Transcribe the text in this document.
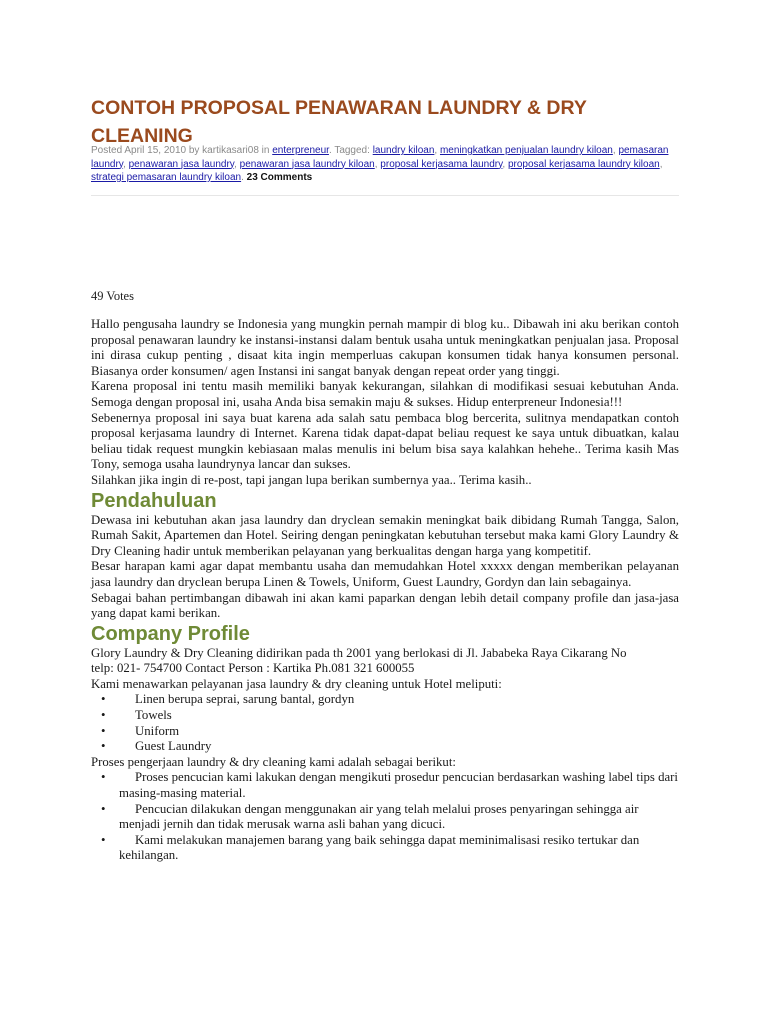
CONTOH PROPOSAL PENAWARAN LAUNDRY & DRY CLEANING
Posted April 15, 2010 by kartikasari08 in enterpreneur. Tagged: laundry kiloan, meningkatkan penjualan laundry kiloan, pemasaran laundry, penawaran jasa laundry, penawaran jasa laundry kiloan, proposal kerjasama laundry, proposal kerjasama laundry kiloan, strategi pemasaran laundry kiloan. 23 Comments
49 Votes

Hallo pengusaha laundry se Indonesia yang mungkin pernah mampir di blog ku.. Dibawah ini aku berikan contoh proposal penawaran laundry ke instansi-instansi dalam bentuk usaha untuk meningkatkan penjualan jasa. Proposal ini dirasa cukup penting , disaat kita ingin memperluas cakupan konsumen tidak hanya konsumen personal. Biasanya order konsumen/ agen Instansi ini sangat banyak dengan repeat order yang tinggi.

Karena proposal ini tentu masih memiliki banyak kekurangan, silahkan di modifikasi sesuai kebutuhan Anda. Semoga dengan proposal ini, usaha Anda bisa semakin maju & sukses. Hidup enterpreneur Indonesia!!!

Sebenernya proposal ini saya buat karena ada salah satu pembaca blog bercerita, sulitnya mendapatkan contoh proposal kerjasama laundry di Internet. Karena tidak dapat-dapat beliau request ke saya untuk dibuatkan, kalau beliau tidak request mungkin kebiasaan malas menulis ini belum bisa saya kalahkan hehehe.. Terima kasih Mas Tony, semoga usaha laundrynya lancar dan sukses.

Silahkan jika ingin di re-post, tapi jangan lupa berikan sumbernya yaa.. Terima kasih..

Pendahuluan

Dewasa ini kebutuhan akan jasa laundry dan dryclean semakin meningkat baik dibidang Rumah Tangga, Salon, Rumah Sakit, Apartemen dan Hotel. Seiring dengan peningkatan kebutuhan tersebut maka kami Glory Laundry & Dry Cleaning hadir untuk memberikan pelayanan yang berkualitas dengan harga yang kompetitif.

Besar harapan kami agar dapat membantu usaha dan memudahkan Hotel xxxxx dengan memberikan pelayanan jasa laundry dan dryclean berupa Linen & Towels, Uniform, Guest Laundry, Gordyn dan lain sebagainya.

Sebagai bahan pertimbangan dibawah ini akan kami paparkan dengan lebih detail company profile dan jasa-jasa yang dapat kami berikan.

Company Profile

Glory Laundry & Dry Cleaning didirikan pada th 2001 yang berlokasi di Jl. Jababeka Raya Cikarang No

telp: 021- 754700 Contact Person : Kartika Ph.081 321 600055

Kami menawarkan pelayanan jasa laundry & dry cleaning untuk Hotel meliputi:

• Linen berupa seprai, sarung bantal, gordyn
• Towels
• Uniform
• Guest Laundry

Proses pengerjaan laundry & dry cleaning kami adalah sebagai berikut:

• Proses pencucian kami lakukan dengan mengikuti prosedur pencucian berdasarkan washing label tips dari masing-masing material.
• Pencucian dilakukan dengan menggunakan air yang telah melalui proses penyaringan sehingga air menjadi jernih dan tidak merusak warna asli bahan yang dicuci.
• Kami melakukan manajemen barang yang baik sehingga dapat meminimalisasi resiko tertukar dan kehilangan.
